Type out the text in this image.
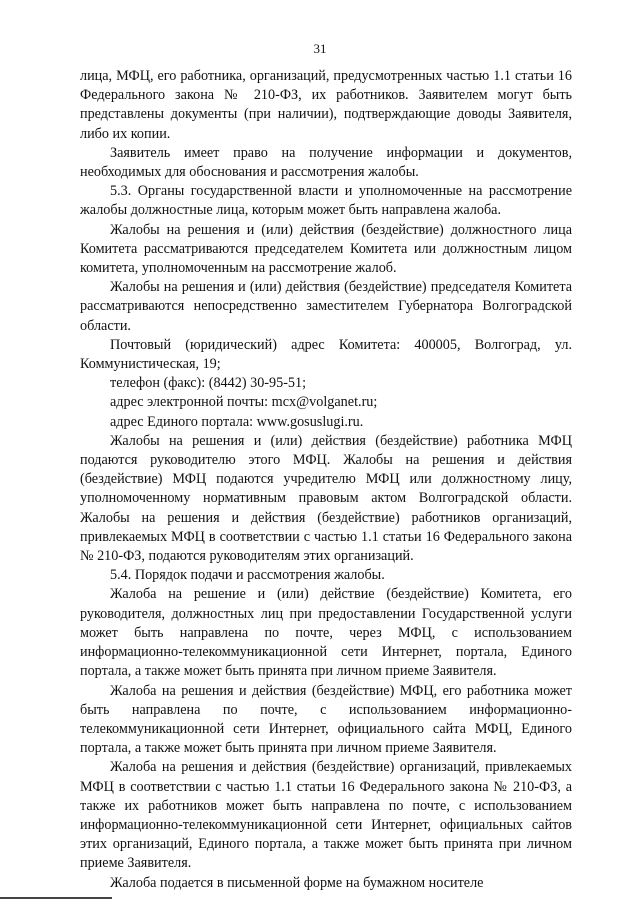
31

лица, МФЦ, его работника, организаций, предусмотренных частью 1.1 статьи 16 Федерального закона № 210-ФЗ, их работников. Заявителем могут быть представлены документы (при наличии), подтверждающие доводы Заявителя, либо их копии.

Заявитель имеет право на получение информации и документов, необходимых для обоснования и рассмотрения жалобы.

5.3. Органы государственной власти и уполномоченные на рассмотрение жалобы должностные лица, которым может быть направлена жалоба.

Жалобы на решения и (или) действия (бездействие) должностного лица Комитета рассматриваются председателем Комитета или должностным лицом комитета, уполномоченным на рассмотрение жалоб.

Жалобы на решения и (или) действия (бездействие) председателя Комитета рассматриваются непосредственно заместителем Губернатора Волгоградской области.

Почтовый (юридический) адрес Комитета: 400005, Волгоград, ул. Коммунистическая, 19;

телефон (факс): (8442) 30-95-51;

адрес электронной почты: mcx@volganet.ru;

адрес Единого портала: www.gosuslugi.ru.

Жалобы на решения и (или) действия (бездействие) работника МФЦ подаются руководителю этого МФЦ. Жалобы на решения и действия (бездействие) МФЦ подаются учредителю МФЦ или должностному лицу, уполномоченному нормативным правовым актом Волгоградской области. Жалобы на решения и действия (бездействие) работников организаций, привлекаемых МФЦ в соответствии с частью 1.1 статьи 16 Федерального закона № 210-ФЗ, подаются руководителям этих организаций.

5.4. Порядок подачи и рассмотрения жалобы.

Жалоба на решение и (или) действие (бездействие) Комитета, его руководителя, должностных лиц при предоставлении Государственной услуги может быть направлена по почте, через МФЦ, с использованием информационно-телекоммуникационной сети Интернет, портала, Единого портала, а также может быть принята при личном приеме Заявителя.

Жалоба на решения и действия (бездействие) МФЦ, его работника может быть направлена по почте, с использованием информационно-телекоммуникационной сети Интернет, официального сайта МФЦ, Единого портала, а также может быть принята при личном приеме Заявителя.

Жалоба на решения и действия (бездействие) организаций, привлекаемых МФЦ в соответствии с частью 1.1 статьи 16 Федерального закона № 210-ФЗ, а также их работников может быть направлена по почте, с использованием информационно-телекоммуникационной сети Интернет, официальных сайтов этих организаций, Единого портала, а также может быть принята при личном приеме Заявителя.

Жалоба подается в письменной форме на бумажном носителе
